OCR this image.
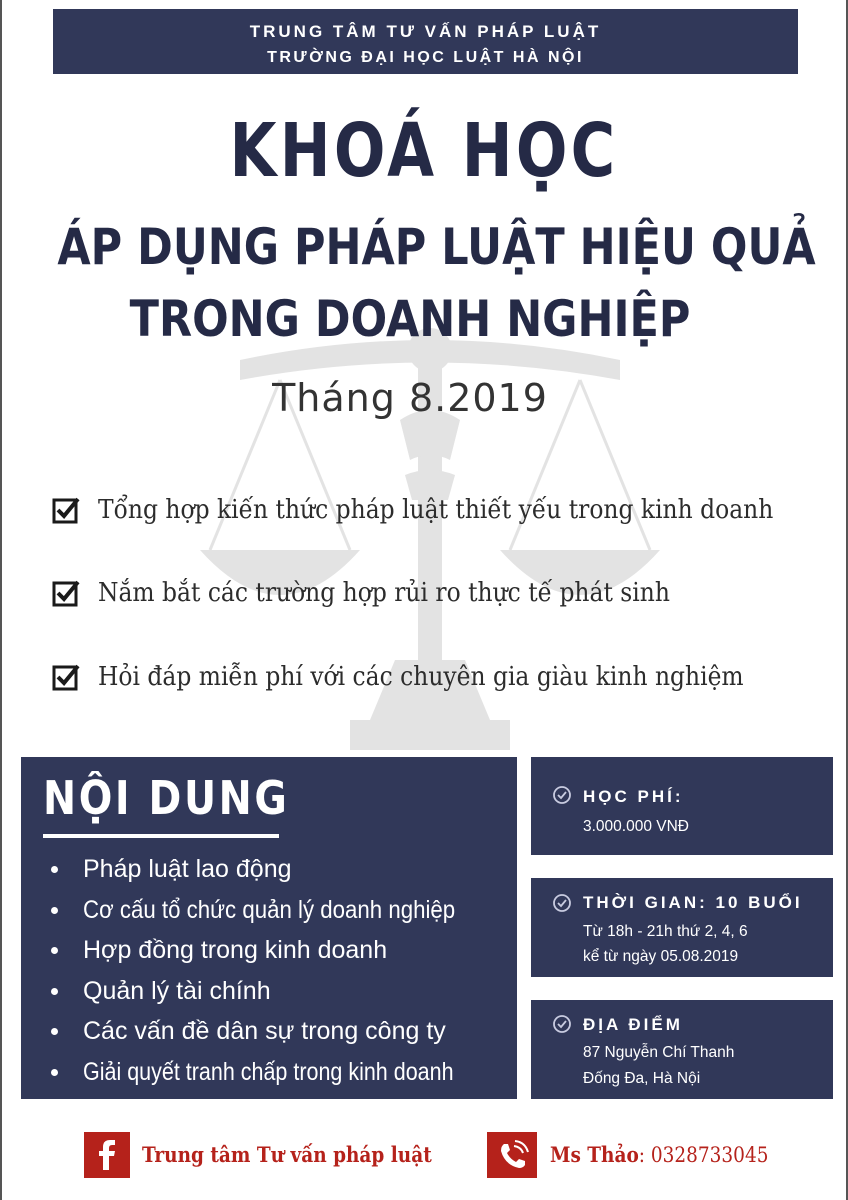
TRUNG TÂM TƯ VẤN PHÁP LUẬT
TRƯỜNG ĐẠI HỌC LUẬT HÀ NỘI
KHOÁ HỌC
ÁP DỤNG PHÁP LUẬT HIỆU QUẢ
TRONG DOANH NGHIỆP
Tháng 8.2019
Tổng hợp kiến thức pháp luật thiết yếu trong kinh doanh
Nắm bắt các trường hợp rủi ro thực tế phát sinh
Hỏi đáp miễn phí với các chuyên gia giàu kinh nghiệm
NỘI DUNG
Pháp luật lao động
Cơ cấu tổ chức quản lý doanh nghiệp
Hợp đồng trong kinh doanh
Quản lý tài chính
Các vấn đề dân sự trong công ty
Giải quyết tranh chấp trong kinh doanh
HỌC PHÍ:
3.000.000 VNĐ
THỜI GIAN: 10 BUỔI
Từ 18h - 21h thứ 2, 4, 6
kể từ ngày 05.08.2019
ĐỊA ĐIỂM
87 Nguyễn Chí Thanh
Đống Đa, Hà Nội
Trung tâm Tư vấn pháp luật	Ms Thảo: 0328733045
